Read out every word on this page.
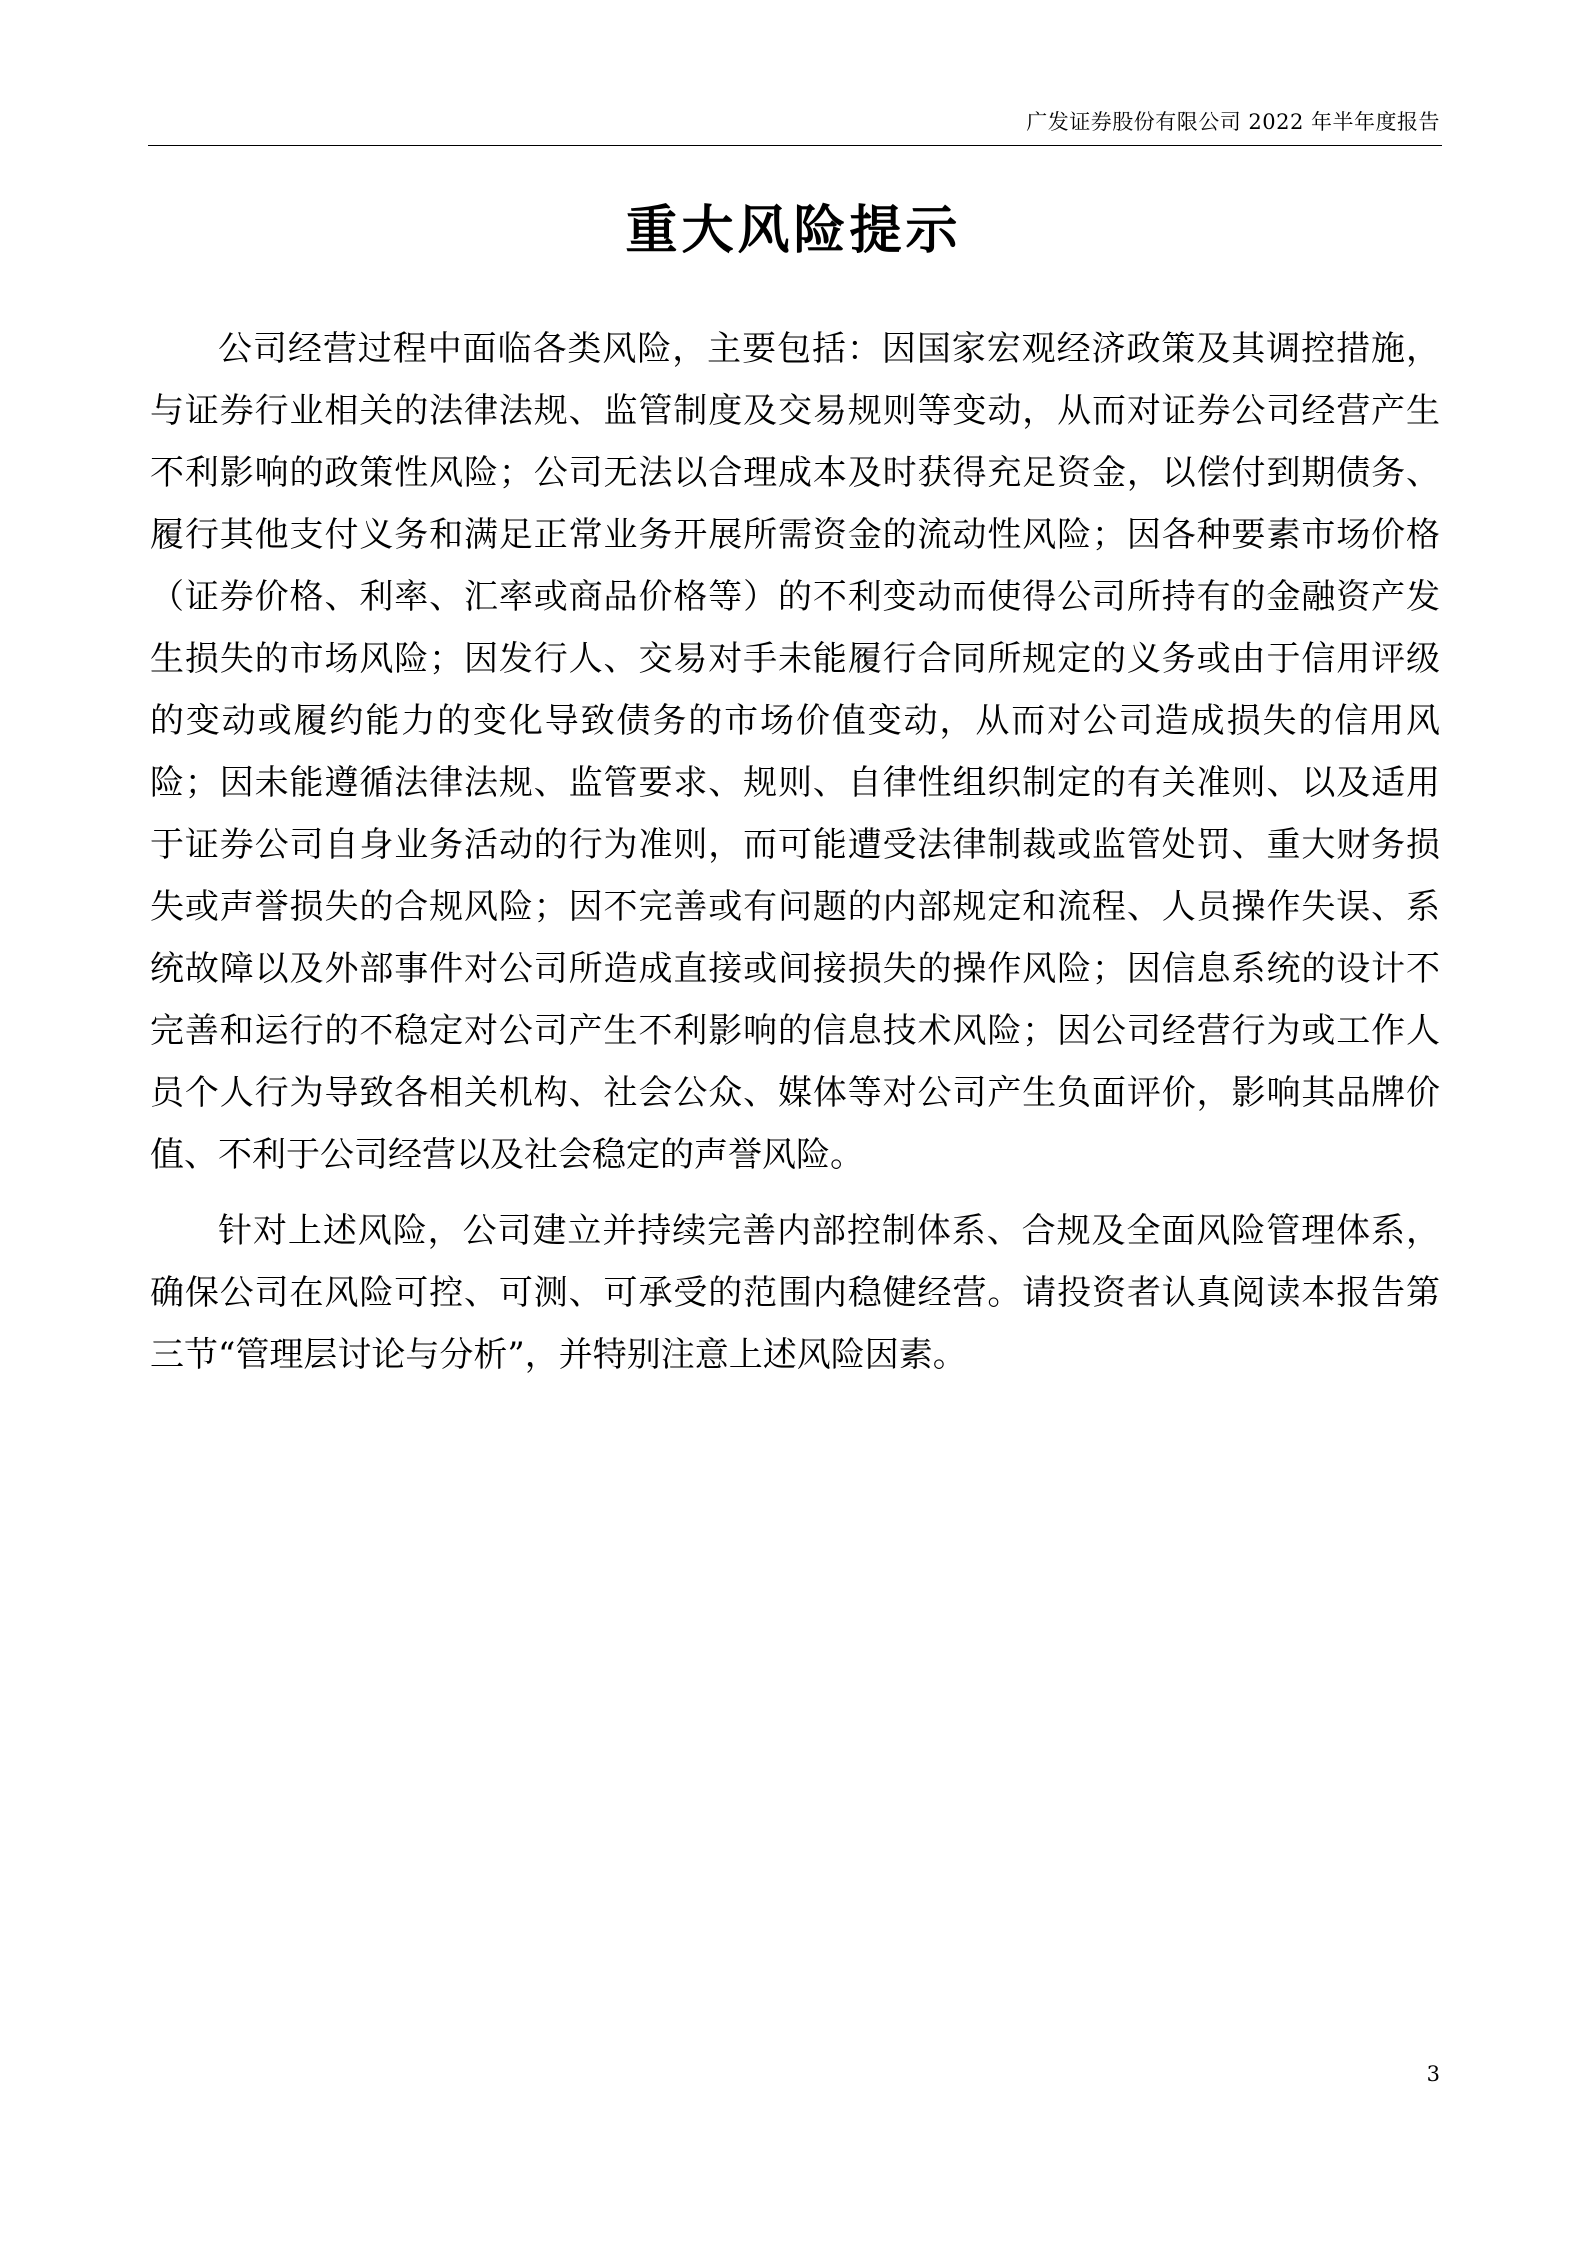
广发证券股份有限公司 2022 年半年度报告
重大风险提示

公司经营过程中面临各类风险，主要包括：因国家宏观经济政策及其调控措施，与证券行业相关的法律法规、监管制度及交易规则等变动，从而对证券公司经营产生不利影响的政策性风险；公司无法以合理成本及时获得充足资金，以偿付到期债务、履行其他支付义务和满足正常业务开展所需资金的流动性风险；因各种要素市场价格（证券价格、利率、汇率或商品价格等）的不利变动而使得公司所持有的金融资产发生损失的市场风险；因发行人、交易对手未能履行合同所规定的义务或由于信用评级的变动或履约能力的变化导致债务的市场价值变动，从而对公司造成损失的信用风险；因未能遵循法律法规、监管要求、规则、自律性组织制定的有关准则、以及适用于证券公司自身业务活动的行为准则，而可能遭受法律制裁或监管处罚、重大财务损失或声誉损失的合规风险；因不完善或有问题的内部规定和流程、人员操作失误、系统故障以及外部事件对公司所造成直接或间接损失的操作风险；因信息系统的设计不完善和运行的不稳定对公司产生不利影响的信息技术风险；因公司经营行为或工作人员个人行为导致各相关机构、社会公众、媒体等对公司产生负面评价，影响其品牌价值、不利于公司经营以及社会稳定的声誉风险。

针对上述风险，公司建立并持续完善内部控制体系、合规及全面风险管理体系，确保公司在风险可控、可测、可承受的范围内稳健经营。请投资者认真阅读本报告第三节“管理层讨论与分析”，并特别注意上述风险因素。

3
